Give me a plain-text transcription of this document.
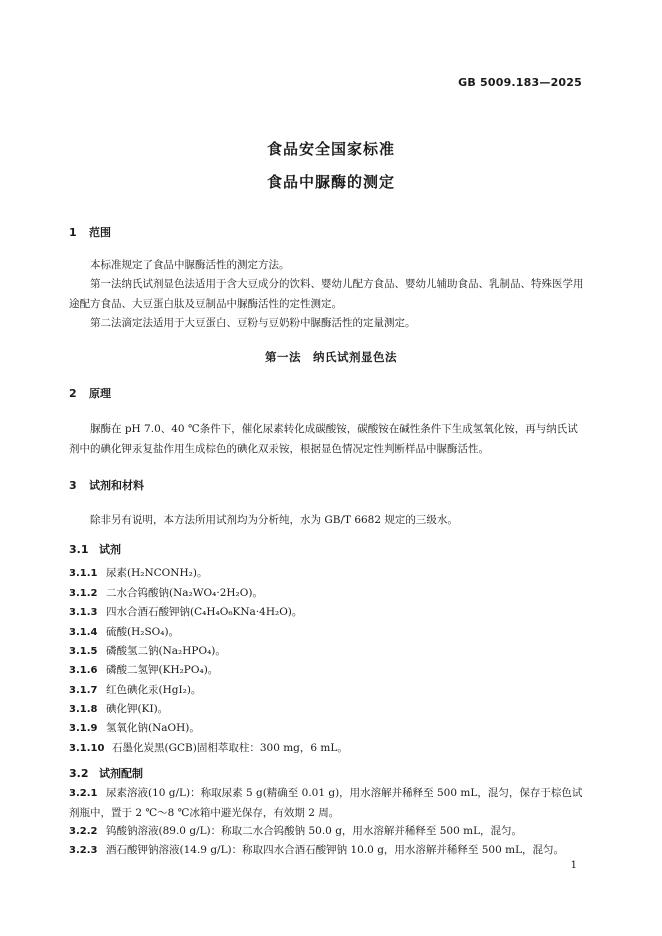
GB 5009.183—2025
食品安全国家标准
食品中脲酶的测定
1 范围
本标准规定了食品中脲酶活性的测定方法。
第一法纳氏试剂显色法适用于含大豆成分的饮料、婴幼儿配方食品、婴幼儿辅助食品、乳制品、特殊医学用途配方食品、大豆蛋白肽及豆制品中脲酶活性的定性测定。
第二法滴定法适用于大豆蛋白、豆粉与豆奶粉中脲酶活性的定量测定。
第一法　纳氏试剂显色法
2 原理
脲酶在 pH 7.0、40 ℃条件下，催化尿素转化成碳酸铵，碳酸铵在碱性条件下生成氢氧化铵，再与纳氏试剂中的碘化钾汞复盐作用生成棕色的碘化双汞铵，根据显色情况定性判断样品中脲酶活性。
3 试剂和材料
除非另有说明，本方法所用试剂均为分析纯，水为 GB/T 6682 规定的三级水。
3.1 试剂
3.1.1 尿素(H₂NCONH₂)。
3.1.2 二水合钨酸钠(Na₂WO₄·2H₂O)。
3.1.3 四水合酒石酸钾钠(C₄H₄O₆KNa·4H₂O)。
3.1.4 硫酸(H₂SO₄)。
3.1.5 磷酸氢二钠(Na₂HPO₄)。
3.1.6 磷酸二氢钾(KH₂PO₄)。
3.1.7 红色碘化汞(HgI₂)。
3.1.8 碘化钾(KI)。
3.1.9 氢氧化钠(NaOH)。
3.1.10 石墨化炭黑(GCB)固相萃取柱：300 mg，6 mL。
3.2 试剂配制
3.2.1 尿素溶液(10 g/L)：称取尿素 5 g(精确至 0.01 g)，用水溶解并稀释至 500 mL，混匀，保存于棕色试剂瓶中，置于 2 ℃～8 ℃冰箱中避光保存，有效期 2 周。
3.2.2 钨酸钠溶液(89.0 g/L)：称取二水合钨酸钠 50.0 g，用水溶解并稀释至 500 mL，混匀。
3.2.3 酒石酸钾钠溶液(14.9 g/L)：称取四水合酒石酸钾钠 10.0 g，用水溶解并稀释至 500 mL，混匀。
1
